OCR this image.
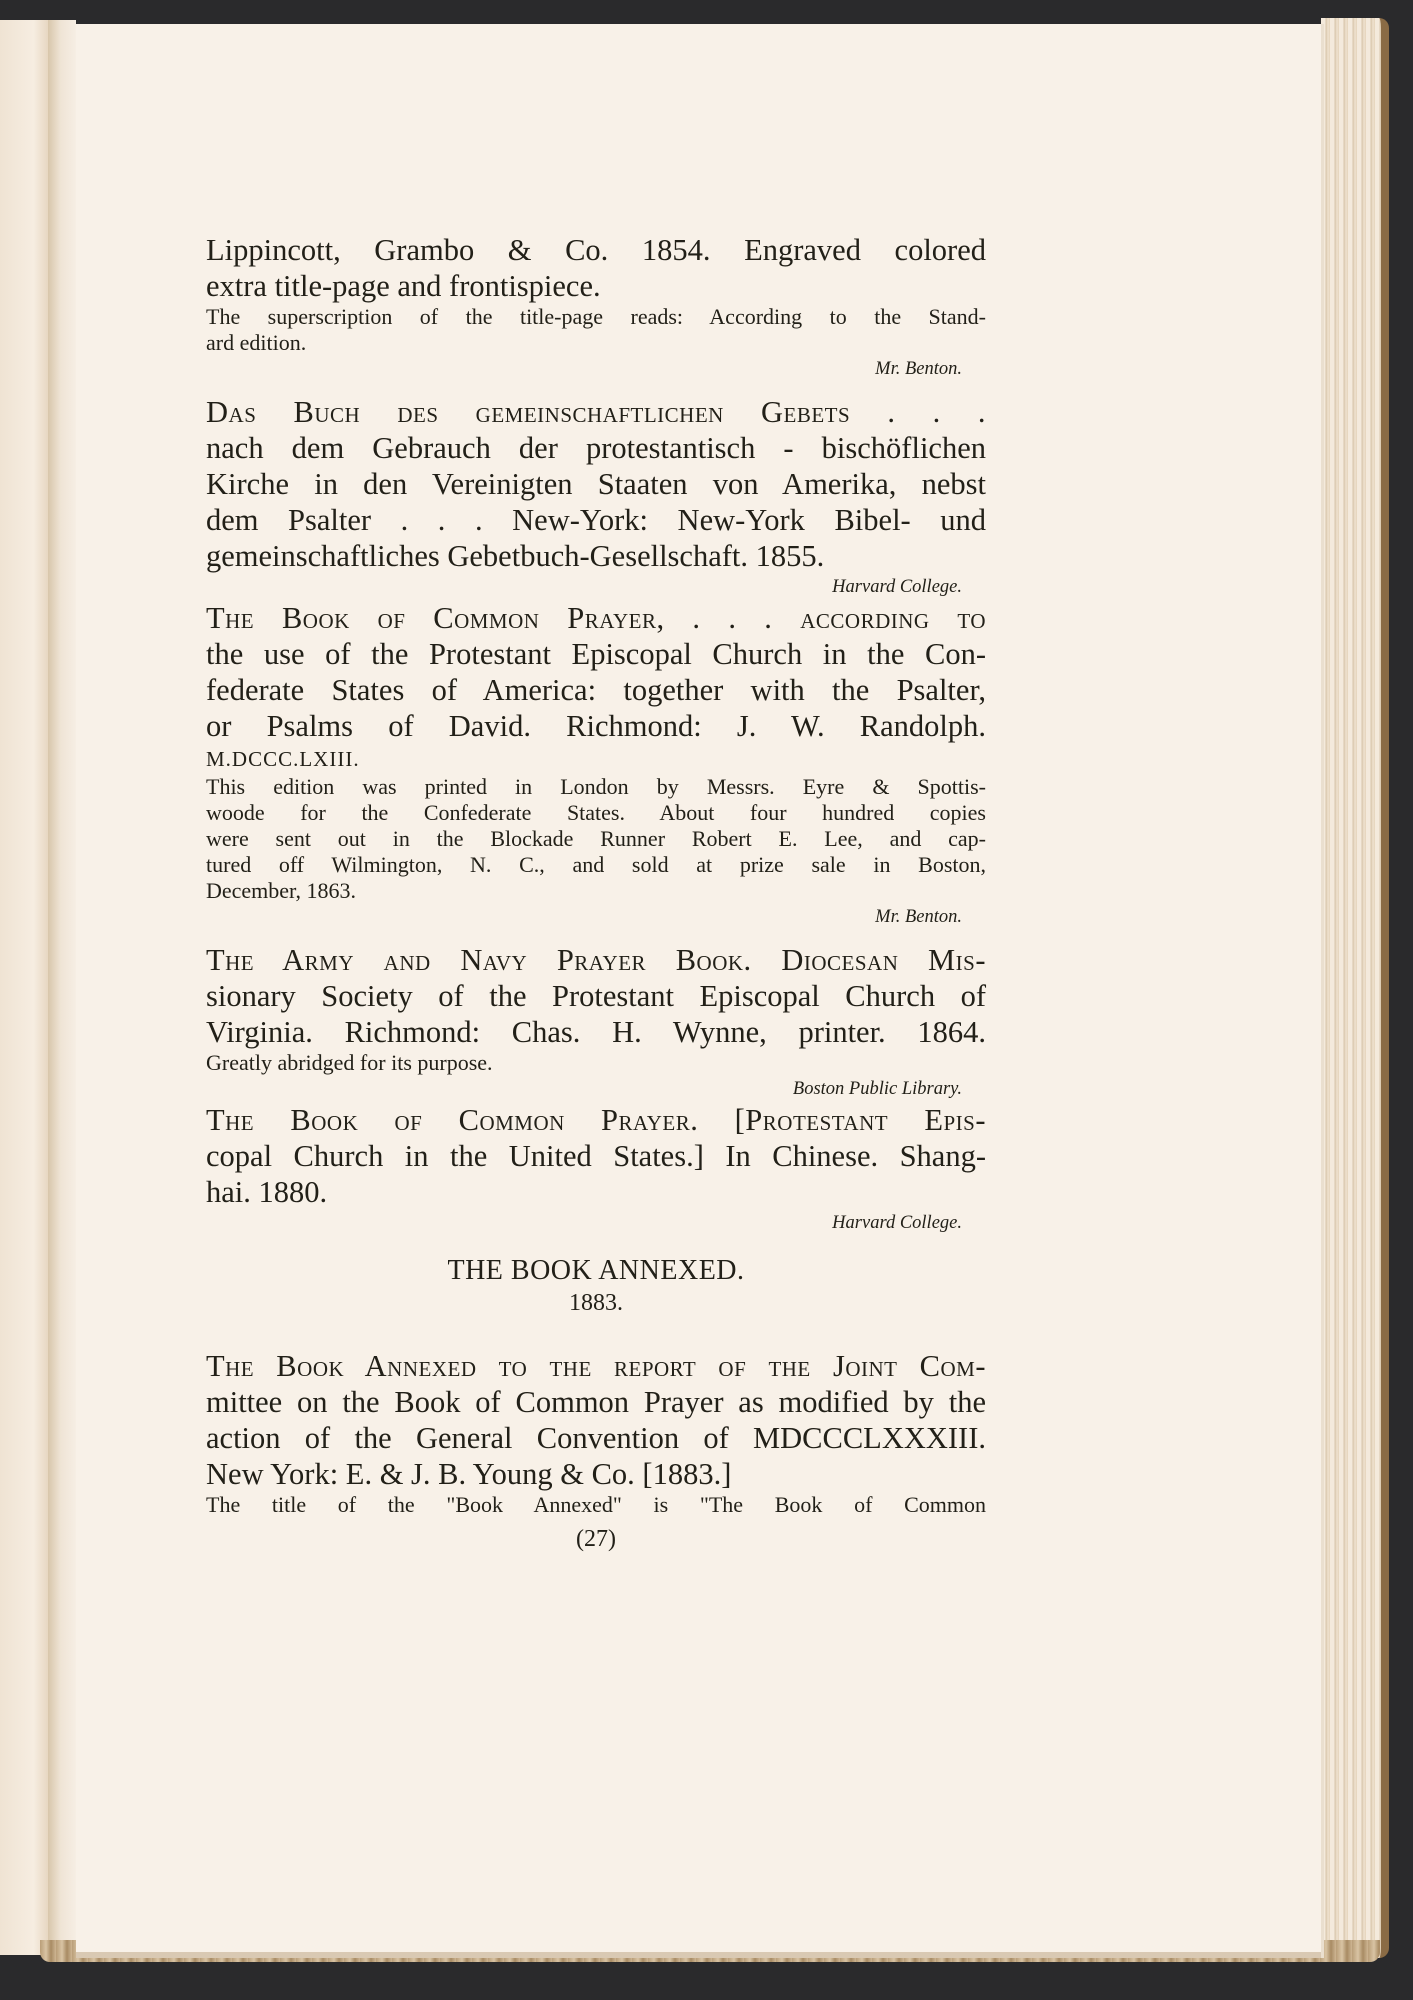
Lippincott, Grambo & Co. 1854. Engraved colored
extra title-page and frontispiece.
The superscription of the title-page reads: According to the Stand-
ard edition.
Mr. Benton.
Das Buch des gemeinschaftlichen Gebets . . .
nach dem Gebrauch der protestantisch - bischöflichen
Kirche in den Vereinigten Staaten von Amerika, nebst
dem Psalter . . . New-York: New-York Bibel- und
gemeinschaftliches Gebetbuch-Gesellschaft. 1855.
Harvard College.
The Book of Common Prayer, . . . according to
the use of the Protestant Episcopal Church in the Con-
federate States of America: together with the Psalter,
or Psalms of David. Richmond: J. W. Randolph.
M.DCCC.LXIII.
This edition was printed in London by Messrs. Eyre & Spottis-
woode for the Confederate States. About four hundred copies
were sent out in the Blockade Runner Robert E. Lee, and cap-
tured off Wilmington, N. C., and sold at prize sale in Boston,
December, 1863.
Mr. Benton.
The Army and Navy Prayer Book. Diocesan Mis-
sionary Society of the Protestant Episcopal Church of
Virginia. Richmond: Chas. H. Wynne, printer. 1864.
Greatly abridged for its purpose.
Boston Public Library.
The Book of Common Prayer. [Protestant Epis-
copal Church in the United States.] In Chinese. Shang-
hai. 1880.
Harvard College.
THE BOOK ANNEXED.
1883.
The Book Annexed to the report of the Joint Com-
mittee on the Book of Common Prayer as modified by the
action of the General Convention of MDCCCLXXXIII.
New York: E. & J. B. Young & Co. [1883.]
The title of the "Book Annexed" is "The Book of Common
(27)
